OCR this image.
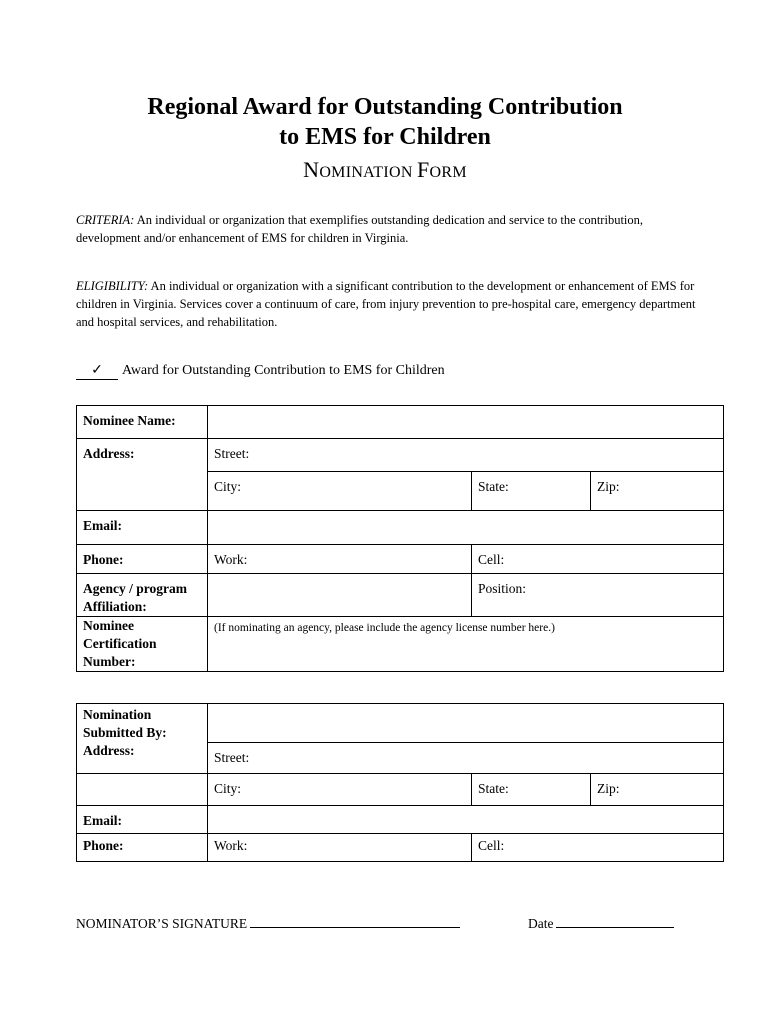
Regional Award for Outstanding Contribution
to EMS for Children
NOMINATION FORM
CRITERIA: An individual or organization that exemplifies outstanding dedication and service to the contribution, development and/or enhancement of EMS for children in Virginia.
ELIGIBILITY: An individual or organization with a significant contribution to the development or enhancement of EMS for children in Virginia. Services cover a continuum of care, from injury prevention to pre-hospital care, emergency department and hospital services, and rehabilitation.
✓ Award for Outstanding Contribution to EMS for Children
Nominee Name:			
Address:	Street:		
	City:	State:	Zip:
Email:			
Phone:	Work:	Cell:	
Agency / program Affiliation:		Position:	
Nominee Certification Number:	(If nominating an agency, please include the agency license number here.)		
Nomination Submitted By:			
Address:	Street:		
	City:	State:	Zip:
Email:			
Phone:	Work:	Cell:	
NOMINATOR’S SIGNATURE	Date
